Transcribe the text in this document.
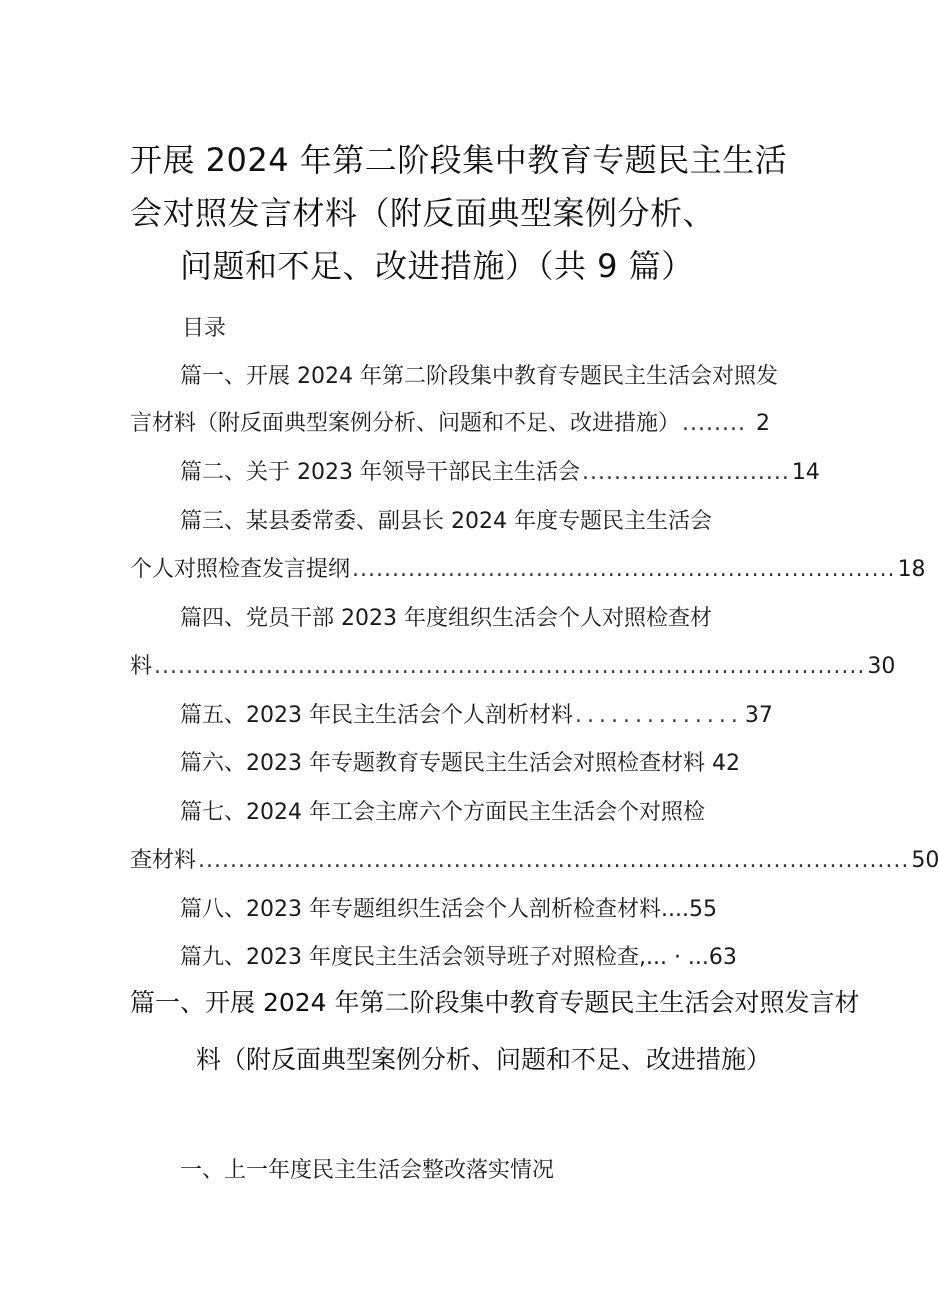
开展 2024 年第二阶段集中教育专题民主生活
会对照发言材料（附反面典型案例分析、
问题和不足、改进措施）（共 9 篇）
目录
篇一、开展 2024 年第二阶段集中教育专题民主生活会对照发
言材料（附反面典型案例分析、问题和不足、改进措施） ........ 2
篇二、关于 2023 年领导干部民主生活会 .......................... 14
篇三、某县委常委、副县长 2024 年度专题民主生活会
个人对照检查发言提纲 .................................................................... 18
篇四、党员干部 2023 年度组织生活会个人对照检查材
料 ......................................................................................... 30
篇五、2023 年民主生活会个人剖析材料 .............. 37
篇六、2023 年专题教育专题民主生活会对照检查材料 42
篇七、2024 年工会主席六个方面民主生活会个对照检
查材料 ......................................................................................... 50
篇八、2023 年专题组织生活会个人剖析检查材料....55
篇九、2023 年度民主生活会领导班子对照检查,... · ...63
篇一、开展 2024 年第二阶段集中教育专题民主生活会对照发言材
料（附反面典型案例分析、问题和不足、改进措施）
一、上一年度民主生活会整改落实情况
